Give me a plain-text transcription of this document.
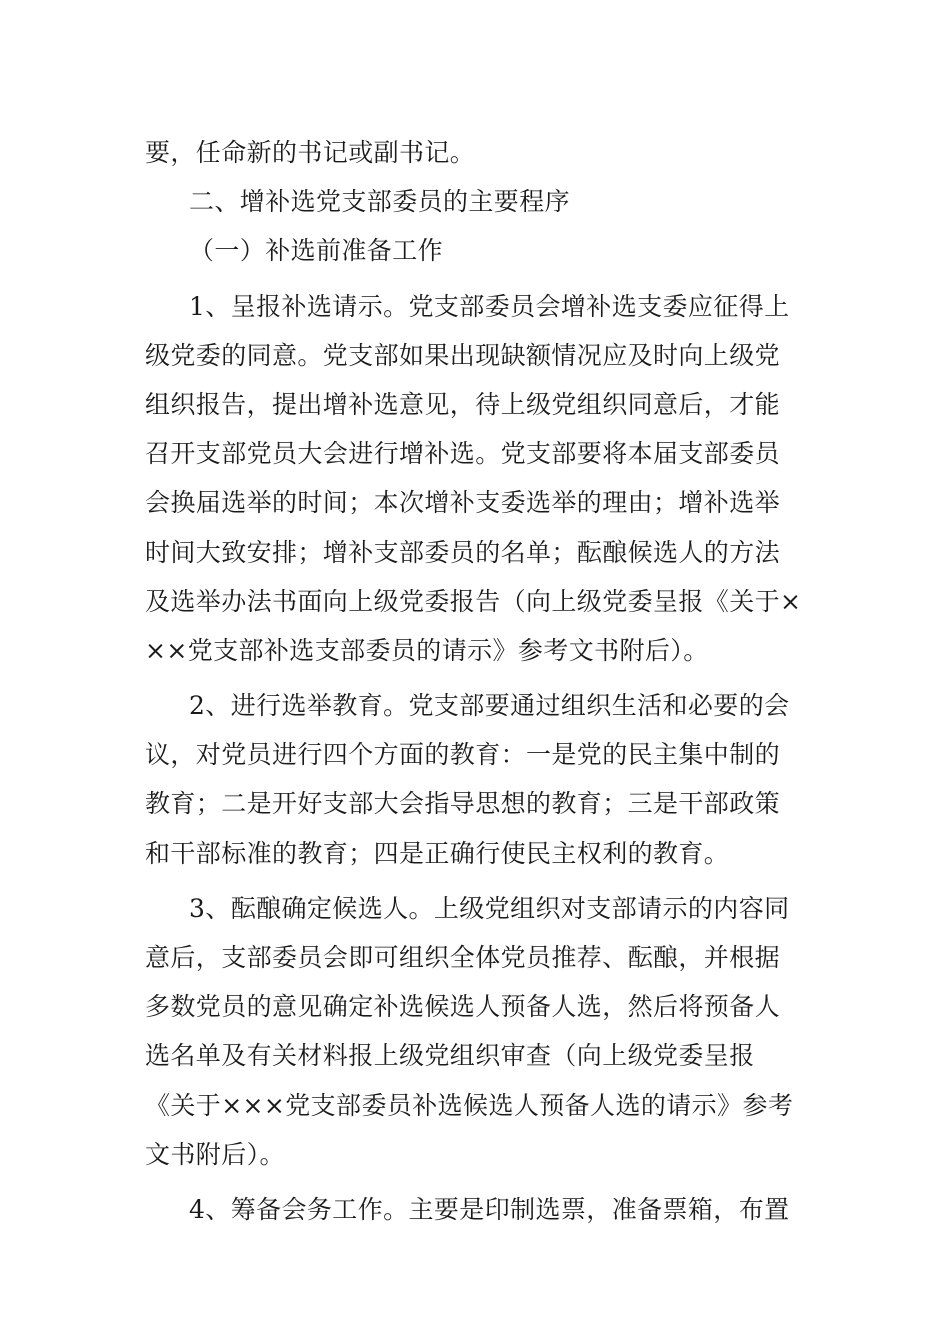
要，任命新的书记或副书记。
二、增补选党支部委员的主要程序
（一）补选前准备工作
1、呈报补选请示。党支部委员会增补选支委应征得上
级党委的同意。党支部如果出现缺额情况应及时向上级党
组织报告，提出增补选意见，待上级党组织同意后，才能
召开支部党员大会进行增补选。党支部要将本届支部委员
会换届选举的时间；本次增补支委选举的理由；增补选举
时间大致安排；增补支部委员的名单；酝酿候选人的方法
及选举办法书面向上级党委报告（向上级党委呈报《关于×
××党支部补选支部委员的请示》参考文书附后）。
2、进行选举教育。党支部要通过组织生活和必要的会
议，对党员进行四个方面的教育：一是党的民主集中制的
教育；二是开好支部大会指导思想的教育；三是干部政策
和干部标准的教育；四是正确行使民主权利的教育。
3、酝酿确定候选人。上级党组织对支部请示的内容同
意后，支部委员会即可组织全体党员推荐、酝酿，并根据
多数党员的意见确定补选候选人预备人选，然后将预备人
选名单及有关材料报上级党组织审查（向上级党委呈报
《关于×××党支部委员补选候选人预备人选的请示》参考
文书附后）。
4、筹备会务工作。主要是印制选票，准备票箱，布置
